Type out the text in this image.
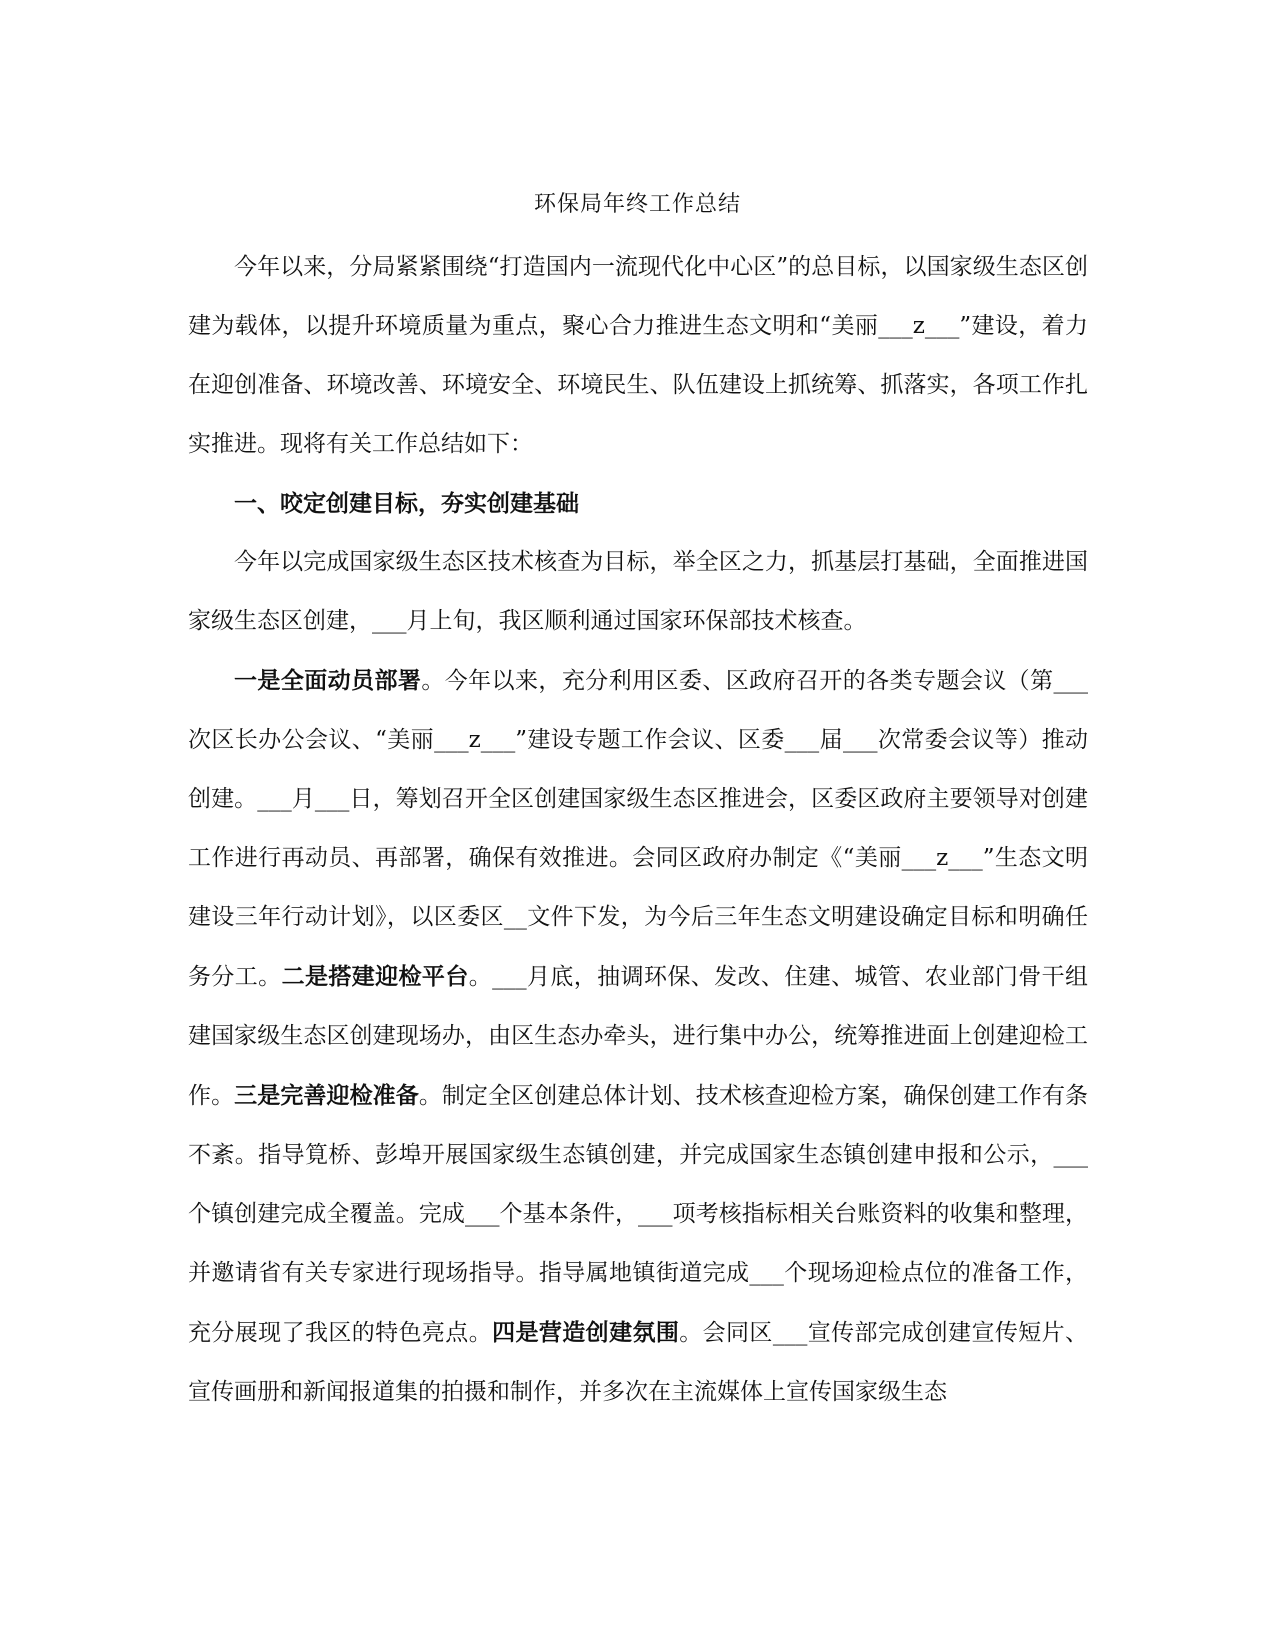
环保局年终工作总结

今年以来，分局紧紧围绕“打造国内一流现代化中心区”的总目标，以国家级生态区创建为载体，以提升环境质量为重点，聚心合力推进生态文明和“美丽___z___”建设，着力在迎创准备、环境改善、环境安全、环境民生、队伍建设上抓统筹、抓落实，各项工作扎实推进。现将有关工作总结如下：

一、咬定创建目标，夯实创建基础

今年以完成国家级生态区技术核查为目标，举全区之力，抓基层打基础，全面推进国家级生态区创建，___月上旬，我区顺利通过国家环保部技术核查。

一是全面动员部署。今年以来，充分利用区委、区政府召开的各类专题会议（第___次区长办公会议、“美丽___z___”建设专题工作会议、区委___届___次常委会议等）推动创建。___月___日，筹划召开全区创建国家级生态区推进会，区委区政府主要领导对创建工作进行再动员、再部署，确保有效推进。会同区政府办制定《“美丽___z___”生态文明建设三年行动计划》，以区委区__文件下发，为今后三年生态文明建设确定目标和明确任务分工。二是搭建迎检平台。___月底，抽调环保、发改、住建、城管、农业部门骨干组建国家级生态区创建现场办，由区生态办牵头，进行集中办公，统筹推进面上创建迎检工作。三是完善迎检准备。制定全区创建总体计划、技术核查迎检方案，确保创建工作有条不紊。指导筧桥、彭埠开展国家级生态镇创建，并完成国家生态镇创建申报和公示，___个镇创建完成全覆盖。完成___个基本条件，___项考核指标相关台账资料的收集和整理，并邀请省有关专家进行现场指导。指导属地镇街道完成___个现场迎检点位的准备工作，充分展现了我区的特色亮点。四是营造创建氛围。会同区___宣传部完成创建宣传短片、宣传画册和新闻报道集的拍摄和制作，并多次在主流媒体上宣传国家级生态
